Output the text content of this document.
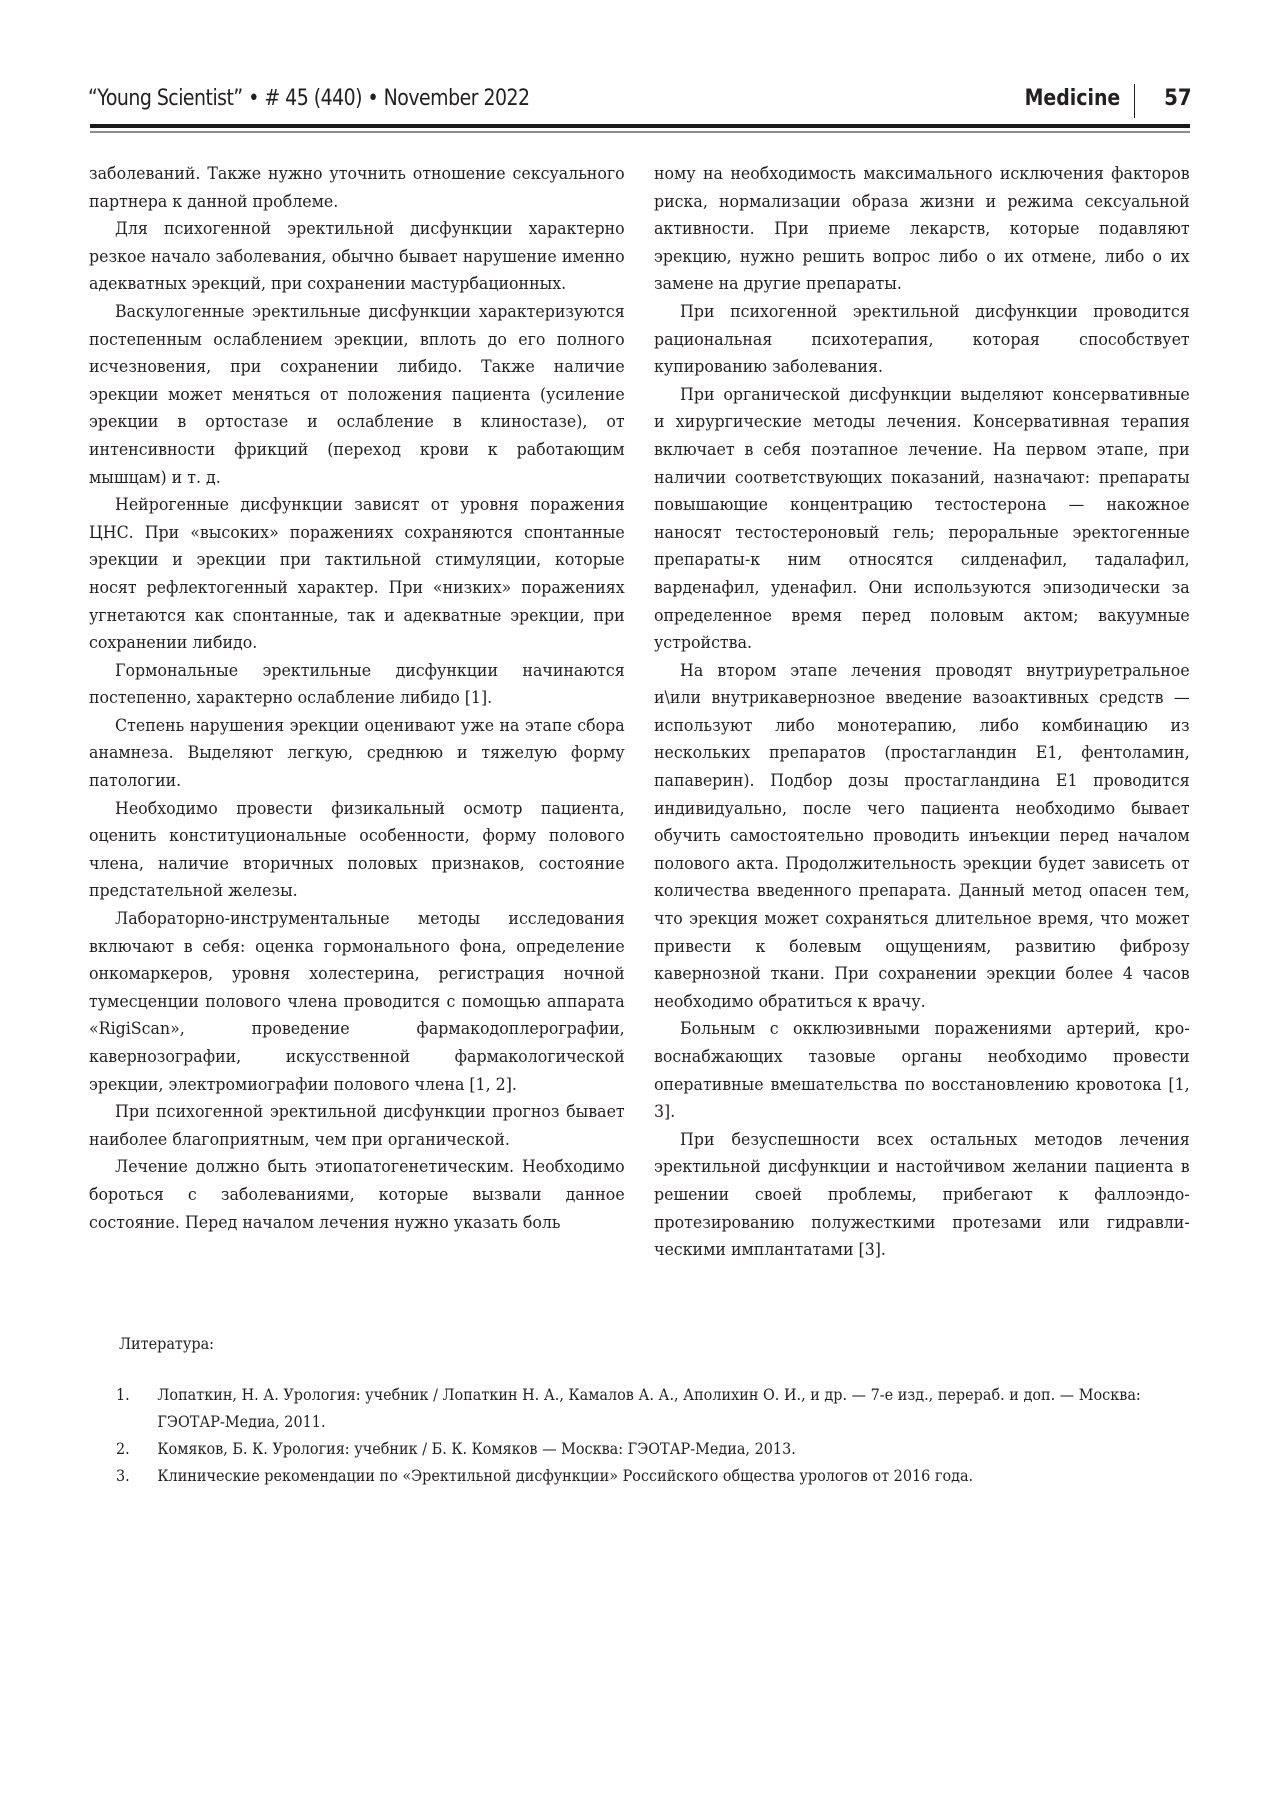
“Young Scientist” • # 45 (440) • November 2022	Medicine 57

заболеваний. Также нужно уточнить отношение сексуального партнера к данной проблеме.

Для психогенной эректильной дисфункции характерно резкое начало заболевания, обычно бывает нарушение именно адекватных эрекций, при сохранении мастурбационных.

Васкулогенные эректильные дисфункции характеризуются постепенным ослаблением эрекции, вплоть до его полного исчезновения, при сохранении либидо. Также наличие эрекции может меняться от положения пациента (усиление эрекции в ортостазе и ослабление в клиностазе), от интенсивности фрикций (переход крови к работающим мышцам) и т. д.

Нейрогенные дисфункции зависят от уровня поражения ЦНС. При «высоких» поражениях сохраняются спонтанные эрекции и эрекции при тактильной стимуляции, которые носят рефлектогенный характер. При «низких» поражениях угнетаются как спонтанные, так и адекватные эрекции, при сохранении либидо.

Гормональные эректильные дисфункции начинаются постепенно, характерно ослабление либидо [1].

Степень нарушения эрекции оценивают уже на этапе сбора анамнеза. Выделяют легкую, среднюю и тяжелую форму патологии.

Необходимо провести физикальный осмотр пациента, оценить конституциональные особенности, форму полового члена, наличие вторичных половых признаков, состояние предстательной железы.

Лабораторно-инструментальные методы исследования включают в себя: оценка гормонального фона, определение онкомаркеров, уровня холестерина, регистрация ночной тумесценции полового члена проводится с помощью аппарата «RigiScan», проведение фармакодоплерографии, кавернозографии, искусственной фармакологической эрекции, электромиографии полового члена [1, 2].

При психогенной эректильной дисфункции прогноз бывает наиболее благоприятным, чем при органической.

Лечение должно быть этиопатогенетическим. Необходимо бороться с заболеваниями, которые вызвали данное состояние. Перед началом лечения нужно указать боль

ному на необходимость максимального исключения факторов риска, нормализации образа жизни и режима сексуальной активности. При приеме лекарств, которые подавляют эрекцию, нужно решить вопрос либо о их отмене, либо о их замене на другие препараты.

При психогенной эректильной дисфункции проводится рациональная психотерапия, которая способствует купированию заболевания.

При органической дисфункции выделяют консервативные и хирургические методы лечения. Консервативная терапия включает в себя поэтапное лечение. На первом этапе, при наличии соответствующих показаний, назначают: препараты повышающие концентрацию тестостерона — накожное наносят тестостероновый гель; пероральные эректогенные препараты-к ним относятся силденафил, тадалафил, варденафил, уденафил. Они используются эпизодически за определенное время перед половым актом; вакуумные устройства.

На втором этапе лечения проводят внутриуретральное и\или внутрикавернозное введение вазоактивных средств — используют либо монотерапию, либо комбинацию из нескольких препаратов (простагландин E1, фентоламин, папаверин). Подбор дозы простагландина E1 проводится индивидуально, после чего пациента необходимо бывает обучить самостоятельно проводить инъекции перед началом полового акта. Продолжительность эрекции будет зависеть от количества введенного препарата. Данный метод опасен тем, что эрекция может сохраняться длительное время, что может привести к болевым ощущениям, развитию фиброзу кавернозной ткани. При сохранении эрекции более 4 часов необходимо обратиться к врачу.

Больным с окклюзивными поражениями артерий, кровоснабжающих тазовые органы необходимо провести оперативные вмешательства по восстановлению кровотока [1, 3].

При безуспешности всех остальных методов лечения эректильной дисфункции и настойчивом желании пациента в решении своей проблемы, прибегают к фаллоэндопротезированию полужесткими протезами или гидравлическими имплантатами [3].

Литература:
1. Лопаткин, Н. А. Урология: учебник / Лопаткин Н. А., Камалов А. А., Аполихин О. И., и др. — 7-е изд., перераб. и доп. — Москва: ГЭОТАР-Медиа, 2011.
2. Комяков, Б. К. Урология: учебник / Б. К. Комяков — Москва: ГЭОТАР-Медиа, 2013.
3. Клинические рекомендации по «Эректильной дисфункции» Российского общества урологов от 2016 года.
